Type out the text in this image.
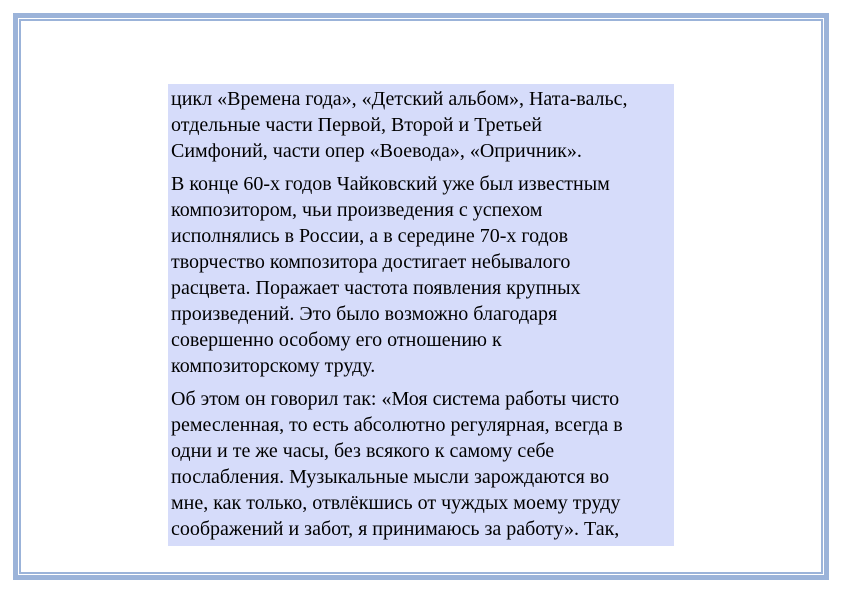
цикл «Времена года», «Детский альбом», Ната-вальс,
отдельные части Первой, Второй и Третьей
Симфоний, части опер «Воевода», «Опричник».

В конце 60-х годов Чайковский уже был известным
композитором, чьи произведения с успехом
исполнялись в России, а в середине 70-х годов
творчество композитора достигает небывалого
расцвета. Поражает частота появления крупных
произведений. Это было возможно благодаря
совершенно особому его отношению к
композиторскому труду.

Об этом он говорил так: «Моя система работы чисто
ремесленная, то есть абсолютно регулярная, всегда в
одни и те же часы, без всякого к самому себе
послабления. Музыкальные мысли зарождаются во
мне, как только, отвлёкшись от чуждых моему труду
соображений и забот, я принимаюсь за работу». Так,
